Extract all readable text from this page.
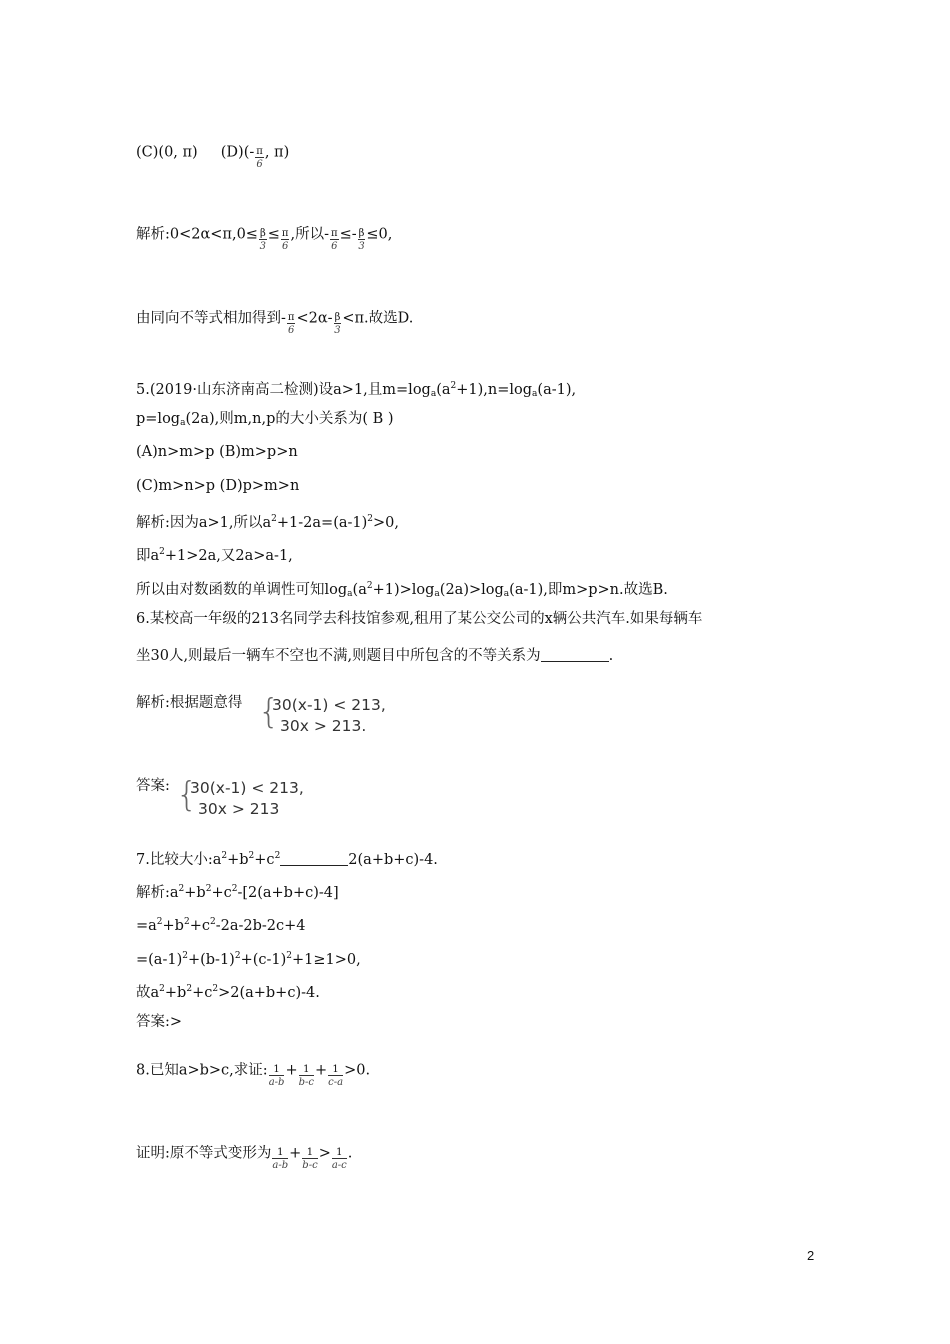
(C)(0, π) $(D)(- \frac{\pi}{6}$ , π)
解析:0<2α<π,0≤ $\frac{\beta}{3} \le \frac{\pi}{6}$ ,所以- $\frac{\pi}{6} \le- \frac{\beta}{3} \le 0$,
由同向不等式相加得到- $\frac{\pi}{6} <2\alpha- \frac{\beta}{3} <\pi$.故选D.
5.(2019·山东济南高二检测)设a>1,且$m=\log_a(a^2+1),n=\log_a(a-1)$,
$p=\log_a(2a)$,则m,n,p的大小关系为( B )
(A)n>m>p (B)m>p>n
(C)m>n>p (D)p>m>n
解析:因为a>1,所以$a^2+1-2a=(a-1)^2>0$,
即$a^2+1>2a$,又2a>a-1,
所以由对数函数的单调性可知$\log_a(a^2+1)>\log_a(2a)>\log_a(a-1)$,即m>p>n.故选B.
6.某校高一年级的213名同学去科技馆参观,租用了某公交公司的x辆公共汽车.如果每辆车
坐30人,则最后一辆车不空也不满,则题目中所包含的不等关系为	.
解析:根据题意得 {
30(x-1) < 213,
30x > 213.
答案: {
30(x-1) < 213,
30x > 213
7.比较大小$:a^2+b^2+c^2$	2(a+b+c)-4.
解析$:a^2+b^2+c^2-[2(a+b+c)-4]$
$=a^2+b^2+c^2-2a-2b-2c+4$
$=(a-1)^2+(b-1)^2+(c-1)^2+1\ge 1>0$,
故$a^2+b^2+c^2>2(a+b+c)-4$.
答案:>
8.已知a>b>c,求证: $\frac{1}{a-b} + \frac{1}{b-c} + \frac{1}{c-a} >0$.
证明:原不等式变形为 $\frac{1}{a-b} + \frac{1}{b-c} > \frac{1}{a-c}$ .
2
